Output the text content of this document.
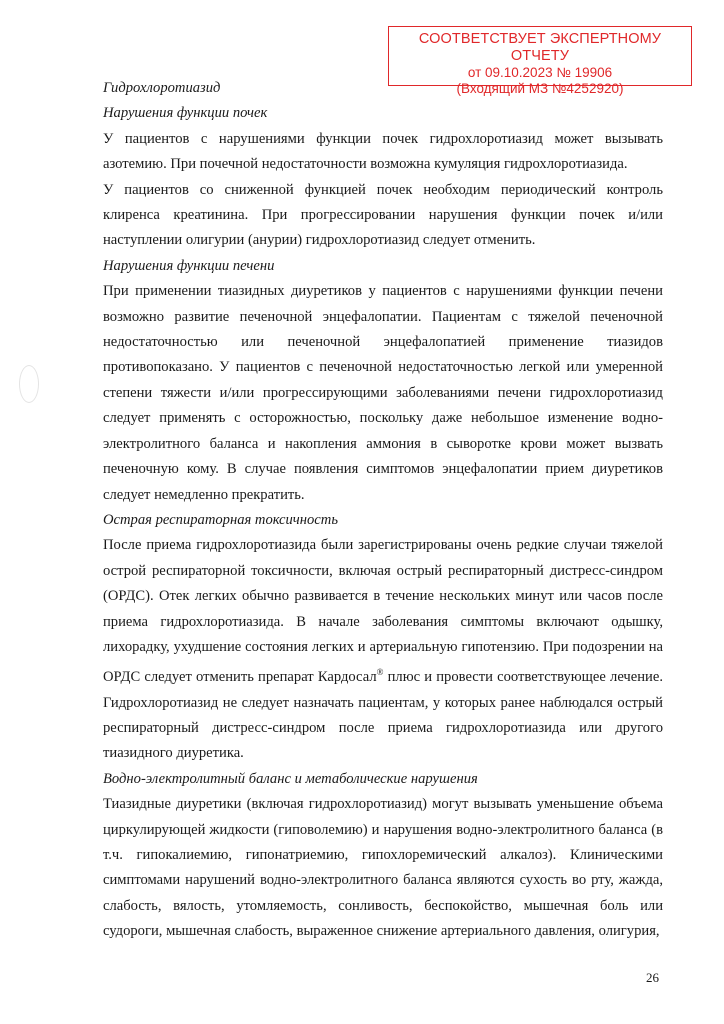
СООТВЕТСТВУЕТ ЭКСПЕРТНОМУ ОТЧЕТУ
от 09.10.2023 № 19906
(Входящий МЗ №4252920)

Гидрохлоротиазид

Нарушения функции почек

У пациентов с нарушениями функции почек гидрохлоротиазид может вызывать азотемию. При почечной недостаточности возможна кумуляция гидрохлоротиазида.

У пациентов со сниженной функцией почек необходим периодический контроль клиренса креатинина. При прогрессировании нарушения функции почек и/или наступлении олигурии (анурии) гидрохлоротиазид следует отменить.

Нарушения функции печени

При применении тиазидных диуретиков у пациентов с нарушениями функции печени возможно развитие печеночной энцефалопатии. Пациентам с тяжелой печеночной недостаточностью или печеночной энцефалопатией применение тиазидов противопоказано. У пациентов с печеночной недостаточностью легкой или умеренной степени тяжести и/или прогрессирующими заболеваниями печени гидрохлоротиазид следует применять с осторожностью, поскольку даже небольшое изменение водно-электролитного баланса и накопления аммония в сыворотке крови может вызвать печеночную кому. В случае появления симптомов энцефалопатии прием диуретиков следует немедленно прекратить.

Острая респираторная токсичность

После приема гидрохлоротиазида были зарегистрированы очень редкие случаи тяжелой острой респираторной токсичности, включая острый респираторный дистресс-синдром (ОРДС). Отек легких обычно развивается в течение нескольких минут или часов после приема гидрохлоротиазида. В начале заболевания симптомы включают одышку, лихорадку, ухудшение состояния легких и артериальную гипотензию. При подозрении на ОРДС следует отменить препарат Кардосал® плюс и провести соответствующее лечение. Гидрохлоротиазид не следует назначать пациентам, у которых ранее наблюдался острый респираторный дистресс-синдром после приема гидрохлоротиазида или другого тиазидного диуретика.

Водно-электролитный баланс и метаболические нарушения

Тиазидные диуретики (включая гидрохлоротиазид) могут вызывать уменьшение объема циркулирующей жидкости (гиповолемию) и нарушения водно-электролитного баланса (в т.ч. гипокалиемию, гипонатриемию, гипохлоремический алкалоз). Клиническими симптомами нарушений водно-электролитного баланса являются сухость во рту, жажда, слабость, вялость, утомляемость, сонливость, беспокойство, мышечная боль или судороги, мышечная слабость, выраженное снижение артериального давления, олигурия,

26
